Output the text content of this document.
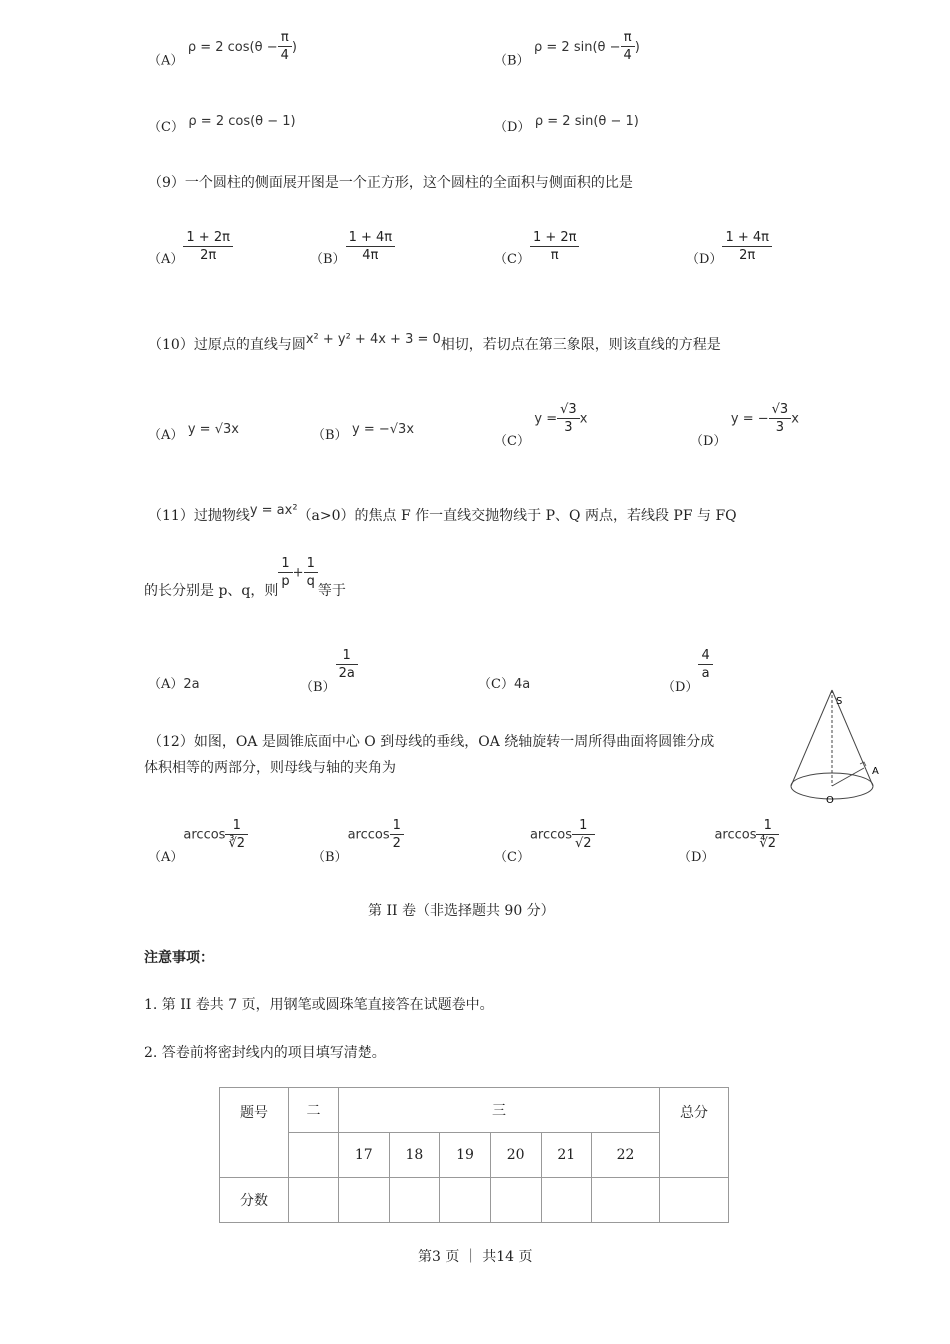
（A） ρ = 2 $\cos(\theta - \frac{\pi}{4}$ )
（B） ρ = 2 $\sin(\theta - \frac{\pi}{4}$ )
（C） ρ = 2 cos(θ − 1)	（D） ρ = 2 sin(θ − 1)
（9）一个圆柱的侧面展开图是一个正方形，这个圆柱的全面积与侧面积的比是
$(A) \frac{1 + 2\pi}{2\pi}$	$(B) \frac{1 + 4\pi}{4\pi}$	$(C) \frac{1 + 2\pi}{\pi}$	$(D) \frac{1 + 4\pi}{2\pi}$
（10）过原点的直线与圆x² + y² + 4x + 3 = 0相切，若切点在第三象限，则该直线的方程是
（A） y = √3x	（B） y = −√3x
（C） $y = \frac{√3}{3}$ x
（D） y = − $\frac{√3}{3}$ x
（11）过抛物线y = ax²（a>0）的焦点 F 作一直线交抛物线于 P、Q 两点，若线段 PF 与 FQ
的长分别是 p、q，则
$\frac{1}{p} + \frac{1}{q}$
等于
（A）2a	（B）
$\frac{1}{2a}$
（C）4a	（D）
$\frac{4}{a}$
（12）如图，OA 是圆锥底面中心 O 到母线的垂线，OA 绕轴旋转一周所得曲面将圆锥分成
体积相等的两部分，则母线与轴的夹角为
S
A
O
$(A)\arccos \frac{1}{∛2}$
$(B)\arccos \frac{1}{2}$
$(C)\arccos \frac{1}{√2}$
$(D)\arccos \frac{1}{∜2}$
第 II 卷（非选择题共 90 分）
注意事项：
1. 第 II 卷共 7 页，用钢笔或圆珠笔直接答在试题卷中。
2. 答卷前将密封线内的项目填写清楚。
题号	二	三						总分
		17	18	19	20	21	22	
分数								
第3 页 ｜ 共14 页
